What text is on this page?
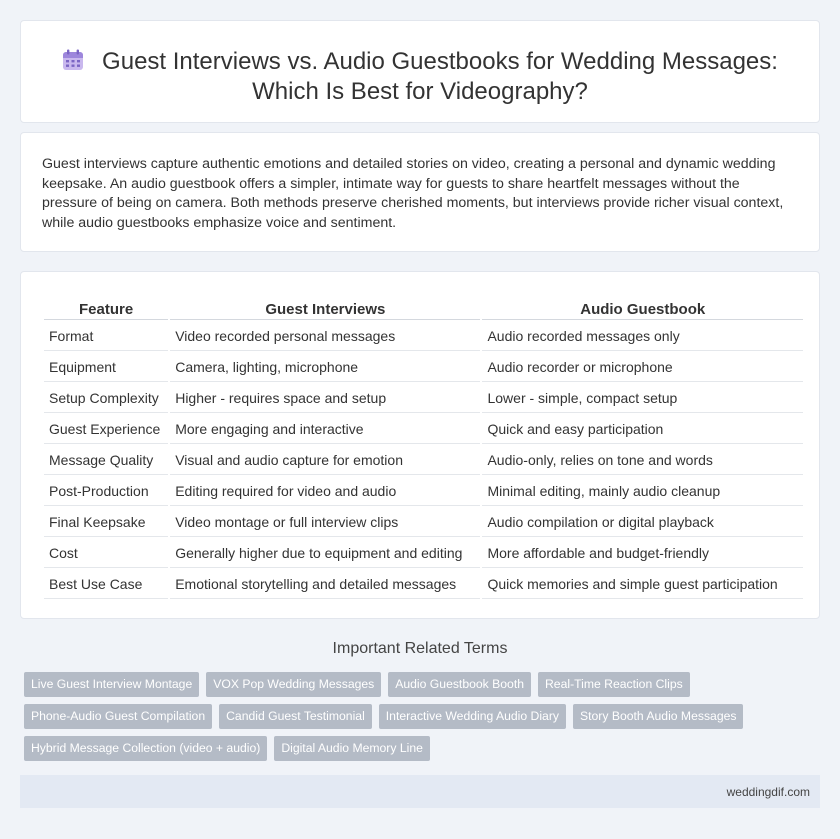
Guest Interviews vs. Audio Guestbooks for Wedding Messages:
Which Is Best for Videography?

Guest interviews capture authentic emotions and detailed stories on video, creating a personal and dynamic wedding keepsake. An audio guestbook offers a simpler, intimate way for guests to share heartfelt messages without the pressure of being on camera. Both methods preserve cherished moments, but interviews provide richer visual context, while audio guestbooks emphasize voice and sentiment.

Feature	Guest Interviews	Audio Guestbook
Format	Video recorded personal messages	Audio recorded messages only
Equipment	Camera, lighting, microphone	Audio recorder or microphone
Setup Complexity	Higher - requires space and setup	Lower - simple, compact setup
Guest Experience	More engaging and interactive	Quick and easy participation
Message Quality	Visual and audio capture for emotion	Audio-only, relies on tone and words
Post-Production	Editing required for video and audio	Minimal editing, mainly audio cleanup
Final Keepsake	Video montage or full interview clips	Audio compilation or digital playback
Cost	Generally higher due to equipment and editing	More affordable and budget-friendly
Best Use Case	Emotional storytelling and detailed messages	Quick memories and simple guest participation
Important Related Terms
Live Guest Interview Montage	VOX Pop Wedding Messages	Audio Guestbook Booth	Real-Time Reaction Clips
Phone-Audio Guest Compilation	Candid Guest Testimonial	Interactive Wedding Audio Diary	Story Booth Audio Messages
Hybrid Message Collection (video + audio)	Digital Audio Memory Line
weddingdif.com
